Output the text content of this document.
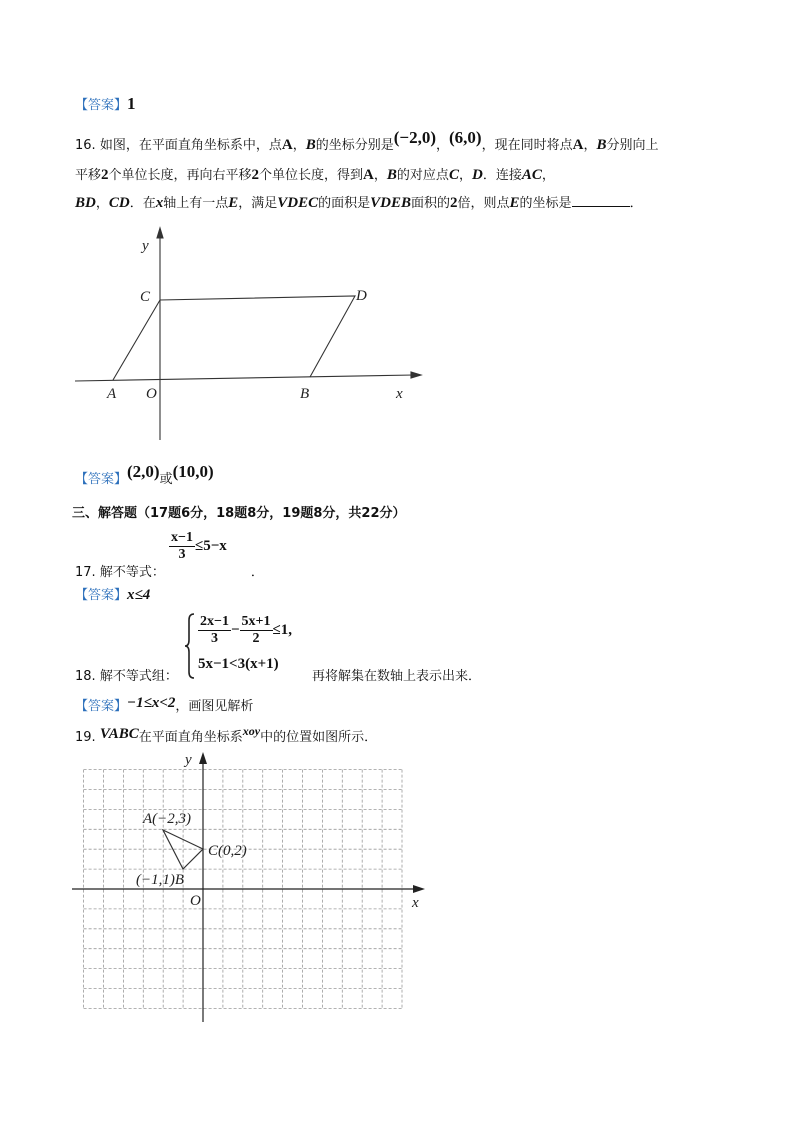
【答案】1
16. 如图，在平面直角坐标系中，点A，B的坐标分别是(−2,0)，(6,0)，现在同时将点A，B分别向上
平移2个单位长度，再向右平移2个单位长度，得到A，B的对应点C，D．连接AC，
BD，CD．在x轴上有一点E，满足VDEC的面积是VDEB面积的2倍，则点E的坐标是	．
y
C	D
A O	B	x
【答案】(2,0)或(10,0)
三、解答题（17题6分，18题8分，19题8分，共22分）
17. 解不等式：
$\frac{x-1}{3} \le 5-x$ ．
【答案】x≤4
18. 解不等式组：
$\frac{2x-1}{3} - \frac{5x+1}{2} \le 1$,
5x−1<3(x+1)
再将解集在数轴上表示出来．
【答案】−1≤x<2，画图见解析
19. VABC在平面直角坐标系xoy中的位置如图所示．
y
x
O
A(−2,3)
(−1,1)B
C(0,2)
